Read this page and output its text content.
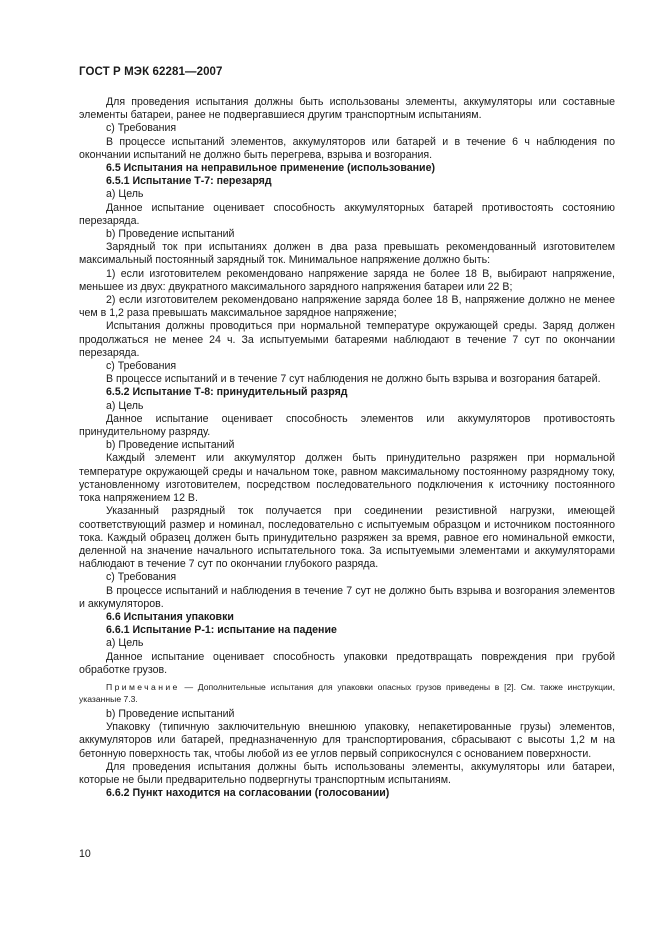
ГОСТ Р МЭК 62281—2007

Для проведения испытания должны быть использованы элементы, аккумуляторы или составные элементы батареи, ранее не подвергавшиеся другим транспортным испытаниям.

c) Требования

В процессе испытаний элементов, аккумуляторов или батарей и в течение 6 ч наблюдения по окончании испытаний не должно быть перегрева, взрыва и возгорания.

6.5 Испытания на неправильное применение (использование)

6.5.1 Испытание Т-7: перезаряд

a) Цель

Данное испытание оценивает способность аккумуляторных батарей противостоять состоянию перезаряда.

b) Проведение испытаний

Зарядный ток при испытаниях должен в два раза превышать рекомендованный изготовителем максимальный постоянный зарядный ток. Минимальное напряжение должно быть:

1) если изготовителем рекомендовано напряжение заряда не более 18 В, выбирают напряжение, меньшее из двух: двукратного максимального зарядного напряжения батареи или 22 В;

2) если изготовителем рекомендовано напряжение заряда более 18 В, напряжение должно не менее чем в 1,2 раза превышать максимальное зарядное напряжение;

Испытания должны проводиться при нормальной температуре окружающей среды. Заряд должен продолжаться не менее 24 ч. За испытуемыми батареями наблюдают в течение 7 сут по окончании перезаряда.

c) Требования

В процессе испытаний и в течение 7 сут наблюдения не должно быть взрыва и возгорания батарей.

6.5.2 Испытание Т-8: принудительный разряд

a) Цель

Данное испытание оценивает способность элементов или аккумуляторов противостоять принудительному разряду.

b) Проведение испытаний

Каждый элемент или аккумулятор должен быть принудительно разряжен при нормальной температуре окружающей среды и начальном токе, равном максимальному постоянному разрядному току, установленному изготовителем, посредством последовательного подключения к источнику постоянного тока напряжением 12 В.

Указанный разрядный ток получается при соединении резистивной нагрузки, имеющей соответствующий размер и номинал, последовательно с испытуемым образцом и источником постоянного тока. Каждый образец должен быть принудительно разряжен за время, равное его номинальной емкости, деленной на значение начального испытательного тока. За испытуемыми элементами и аккумуляторами наблюдают в течение 7 сут по окончании глубокого разряда.

c) Требования

В процессе испытаний и наблюдения в течение 7 сут не должно быть взрыва и возгорания элементов и аккумуляторов.

6.6 Испытания упаковки

6.6.1 Испытание Р-1: испытание на падение

a) Цель

Данное испытание оценивает способность упаковки предотвращать повреждения при грубой обработке грузов.

Примечание — Дополнительные испытания для упаковки опасных грузов приведены в [2]. См. также инструкции, указанные 7.3.

b) Проведение испытаний

Упаковку (типичную заключительную внешнюю упаковку, непакетированные грузы) элементов, аккумуляторов или батарей, предназначенную для транспортирования, сбрасывают с высоты 1,2 м на бетонную поверхность так, чтобы любой из ее углов первый соприкоснулся с основанием поверхности.

Для проведения испытания должны быть использованы элементы, аккумуляторы или батареи, которые не были предварительно подвергнуты транспортным испытаниям.

6.6.2 Пункт находится на согласовании (голосовании)

10
